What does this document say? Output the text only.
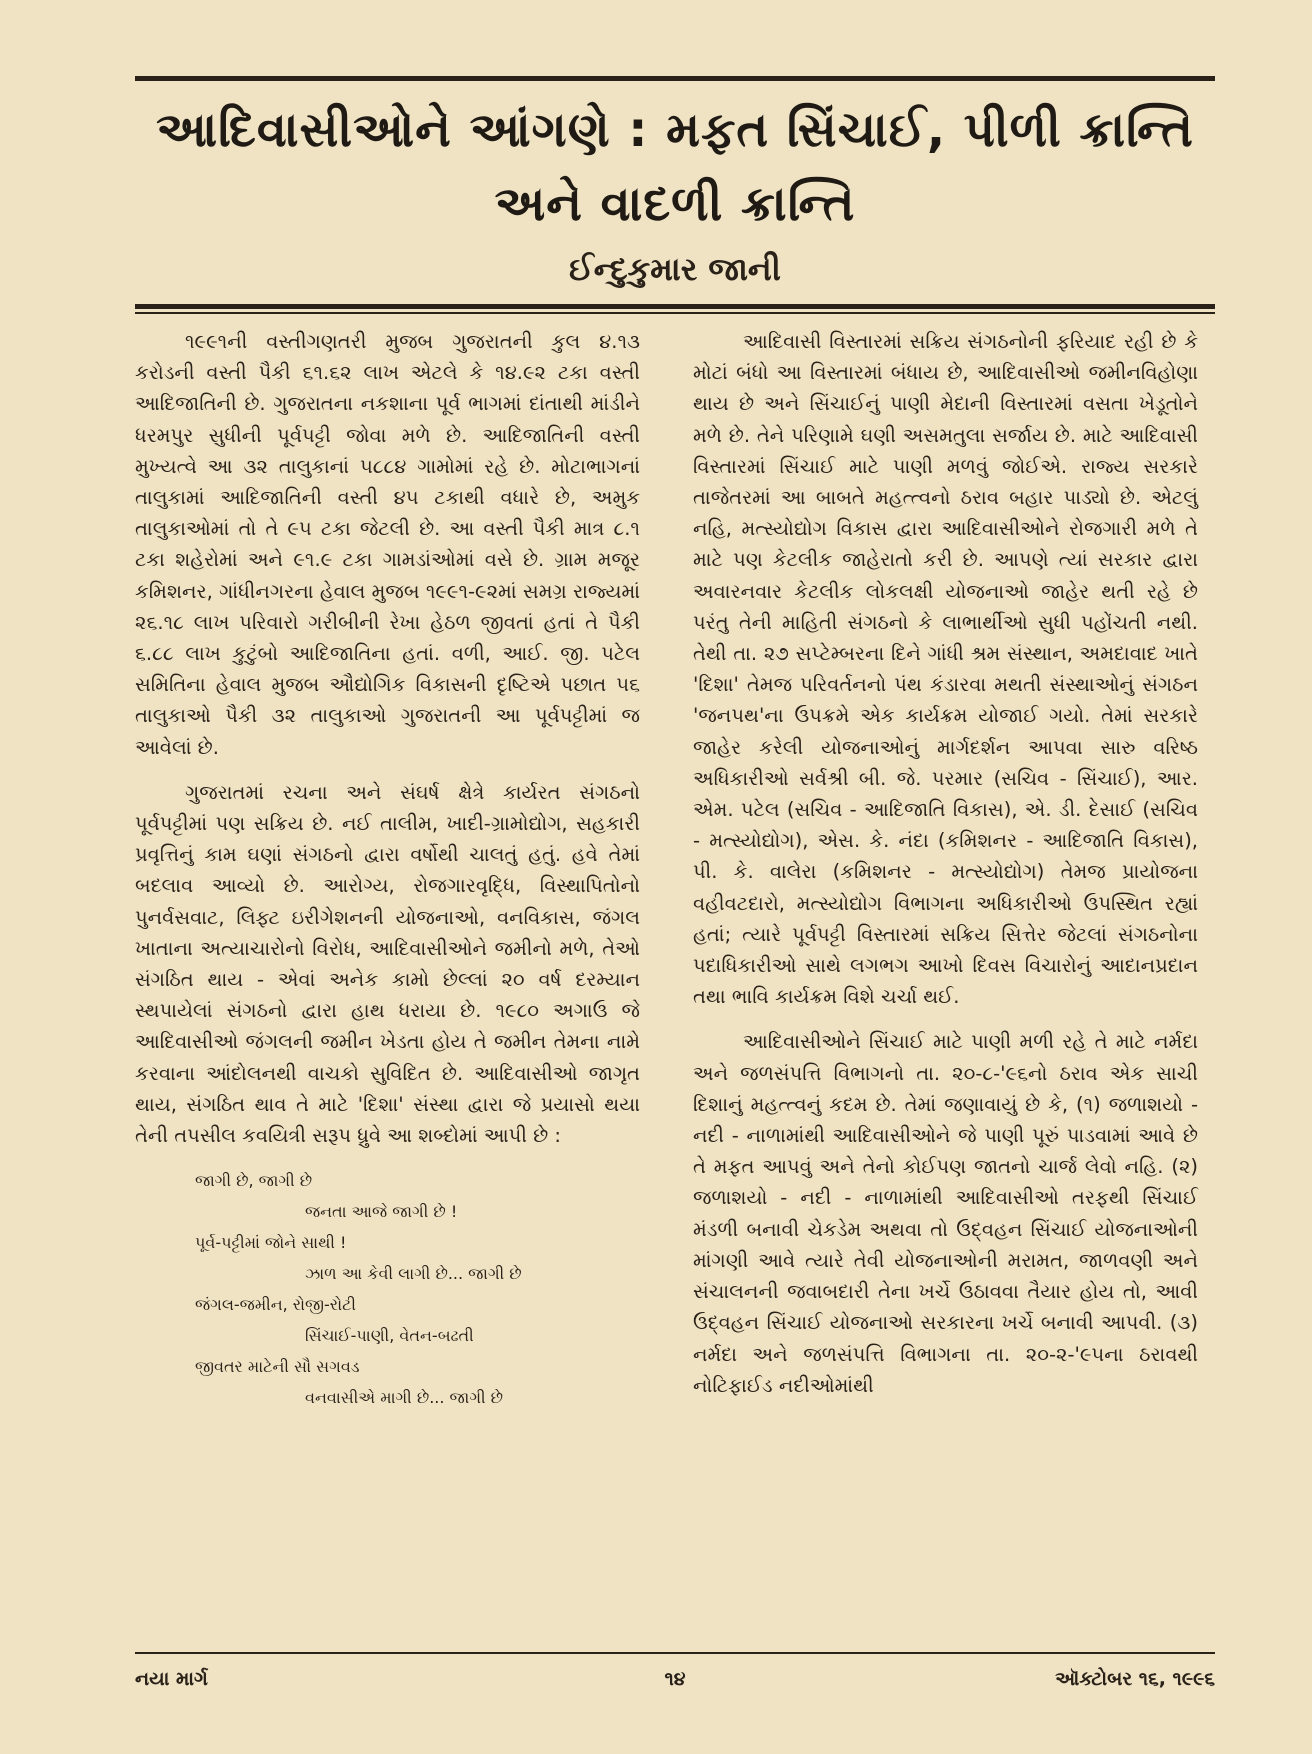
આદિવાસીઓને આંગણે : મફત સિંચાઈ, પીળી ક્રાન્તિ
અને વાદળી ક્રાન્તિ
ઈન્દુકુમાર જાની

૧૯૯૧ની વસ્તીગણતરી મુજબ ગુજરાતની કુલ ૪.૧૩ કરોડની વસ્તી પૈકી ૬૧.૬૨ લાખ એટલે કે ૧૪.૯૨ ટકા વસ્તી આદિજાતિની છે. ગુજરાતના નકશાના પૂર્વ ભાગમાં દાંતાથી માંડીને ધરમપુર સુધીની પૂર્વપટ્ટી જોવા મળે છે. આદિજાતિની વસ્તી મુખ્યત્વે આ ૩૨ તાલુકાનાં ૫૮૮૪ ગામોમાં રહે છે. મોટાભાગનાં તાલુકામાં આદિજાતિની વસ્તી ૪૫ ટકાથી વધારે છે, અમુક તાલુકાઓમાં તો તે ૯૫ ટકા જેટલી છે. આ વસ્તી પૈકી માત્ર ૮.૧ ટકા શહેરોમાં અને ૯૧.૯ ટકા ગામડાંઓમાં વસે છે. ગ્રામ મજૂર કમિશનર, ગાંધીનગરના હેવાલ મુજબ ૧૯૯૧-૯૨માં સમગ્ર રાજ્યમાં ૨૬.૧૮ લાખ પરિવારો ગરીબીની રેખા હેઠળ જીવતાં હતાં તે પૈકી ૬.૮૮ લાખ કુટુંબો આદિજાતિના હતાં. વળી, આઈ. જી. પટેલ સમિતિના હેવાલ મુજબ ઔદ્યોગિક વિકાસની દૃષ્ટિએ પછાત ૫૬ તાલુકાઓ પૈકી ૩૨ તાલુકાઓ ગુજરાતની આ પૂર્વપટ્ટીમાં જ આવેલાં છે.

ગુજરાતમાં રચના અને સંઘર્ષ ક્ષેત્રે કાર્યરત સંગઠનો પૂર્વપટ્ટીમાં પણ સક્રિય છે. નઈ તાલીમ, ખાદી-ગ્રામોદ્યોગ, સહકારી પ્રવૃત્તિનું કામ ઘણાં સંગઠનો દ્વારા વર્ષોથી ચાલતું હતું. હવે તેમાં બદલાવ આવ્યો છે. આરોગ્ય, રોજગારવૃદ્ધિ, વિસ્થાપિતોનો પુનર્વસવાટ, લિફ્ટ ઇરીગેશનની યોજનાઓ, વનવિકાસ, જંગલ ખાતાના અત્યાચારોનો વિરોધ, આદિવાસીઓને જમીનો મળે, તેઓ સંગઠિત થાય - એવાં અનેક કામો છેલ્લાં ૨૦ વર્ષ દરમ્યાન સ્થપાયેલાં સંગઠનો દ્વારા હાથ ધરાયા છે. ૧૯૮૦ અગાઉ જે આદિવાસીઓ જંગલની જમીન ખેડતા હોય તે જમીન તેમના નામે કરવાના આંદોલનથી વાચકો સુવિદિત છે. આદિવાસીઓ જાગૃત થાય, સંગઠિત થાવ તે માટે 'દિશા' સંસ્થા દ્વારા જે પ્રયાસો થયા તેની તપસીલ કવયિત્રી સરૂપ ધ્રુવે આ શબ્દોમાં આપી છે :

જાગી છે, જાગી છે
જનતા આજે જાગી છે !
પૂર્વ-પટ્ટીમાં જોને સાથી !
ઝાળ આ કેવી લાગી છે... જાગી છે
જંગલ-જમીન, રોજી-રોટી
સિંચાઈ-પાણી, વેતન-બઢતી
જીવતર માટેની સૌ સગવડ
વનવાસીએ માગી છે... જાગી છે

આદિવાસી વિસ્તારમાં સક્રિય સંગઠનોની ફરિયાદ રહી છે કે મોટાં બંધો આ વિસ્તારમાં બંધાય છે, આદિવાસીઓ જમીનવિહોણા થાય છે અને સિંચાઈનું પાણી મેદાની વિસ્તારમાં વસતા ખેડૂતોને મળે છે. તેને પરિણામે ઘણી અસમતુલા સર્જાય છે. માટે આદિવાસી વિસ્તારમાં સિંચાઈ માટે પાણી મળવું જોઈએ. રાજ્ય સરકારે તાજેતરમાં આ બાબતે મહત્ત્વનો ઠરાવ બહાર પાડ્યો છે. એટલું નહિ, મત્સ્યોદ્યોગ વિકાસ દ્વારા આદિવાસીઓને રોજગારી મળે તે માટે પણ કેટલીક જાહેરાતો કરી છે. આપણે ત્યાં સરકાર દ્વારા અવારનવાર કેટલીક લોકલક્ષી યોજનાઓ જાહેર થતી રહે છે પરંતુ તેની માહિતી સંગઠનો કે લાભાર્થીઓ સુધી પહોંચતી નથી. તેથી તા. ૨૭ સપ્ટેમ્બરના દિને ગાંધી શ્રમ સંસ્થાન, અમદાવાદ ખાતે 'દિશા' તેમજ પરિવર્તનનો પંથ કંડારવા મથતી સંસ્થાઓનું સંગઠન 'જનપથ'ના ઉપક્રમે એક કાર્યક્રમ યોજાઈ ગયો. તેમાં સરકારે જાહેર કરેલી યોજનાઓનું માર્ગદર્શન આપવા સારુ વરિષ્ઠ અધિકારીઓ સર્વશ્રી બી. જે. પરમાર (સચિવ - સિંચાઈ), આર. એમ. પટેલ (સચિવ - આદિજાતિ વિકાસ), એ. ડી. દેસાઈ (સચિવ - મત્સ્યોદ્યોગ), એસ. કે. નંદા (કમિશનર - આદિજાતિ વિકાસ), પી. કે. વાલેરા (કમિશનર - મત્સ્યોદ્યોગ) તેમજ પ્રાયોજના વહીવટદારો, મત્સ્યોદ્યોગ વિભાગના અધિકારીઓ ઉપસ્થિત રહ્યાં હતાં; ત્યારે પૂર્વપટ્ટી વિસ્તારમાં સક્રિય સિત્તેર જેટલાં સંગઠનોના પદાધિકારીઓ સાથે લગભગ આખો દિવસ વિચારોનું આદાનપ્રદાન તથા ભાવિ કાર્યક્રમ વિશે ચર્ચા થઈ.

આદિવાસીઓને સિંચાઈ માટે પાણી મળી રહે તે માટે નર્મદા અને જળસંપત્તિ વિભાગનો તા. ૨૦-૮-'૯૬નો ઠરાવ એક સાચી દિશાનું મહત્ત્વનું કદમ છે. તેમાં જણાવાયું છે કે, (૧) જળાશયો - નદી - નાળામાંથી આદિવાસીઓને જે પાણી પૂરું પાડવામાં આવે છે તે મફત આપવું અને તેનો કોઈપણ જાતનો ચાર્જ લેવો નહિ. (૨) જળાશયો - નદી - નાળામાંથી આદિવાસીઓ તરફથી સિંચાઈ મંડળી બનાવી ચેકડેમ અથવા તો ઉદ્‌વહન સિંચાઈ યોજનાઓની માંગણી આવે ત્યારે તેવી યોજનાઓની મરામત, જાળવણી અને સંચાલનની જવાબદારી તેના ખર્ચે ઉઠાવવા તૈયાર હોય તો, આવી ઉદ્‌વહન સિંચાઈ યોજનાઓ સરકારના ખર્ચે બનાવી આપવી. (૩) નર્મદા અને જળસંપત્તિ વિભાગના તા. ૨૦-૨-'૯૫ના ઠરાવથી નોટિફાઈડ નદીઓમાંથી

નયા માર્ગ	૧૪	ઑક્ટોબર ૧૬, ૧૯૯૬
